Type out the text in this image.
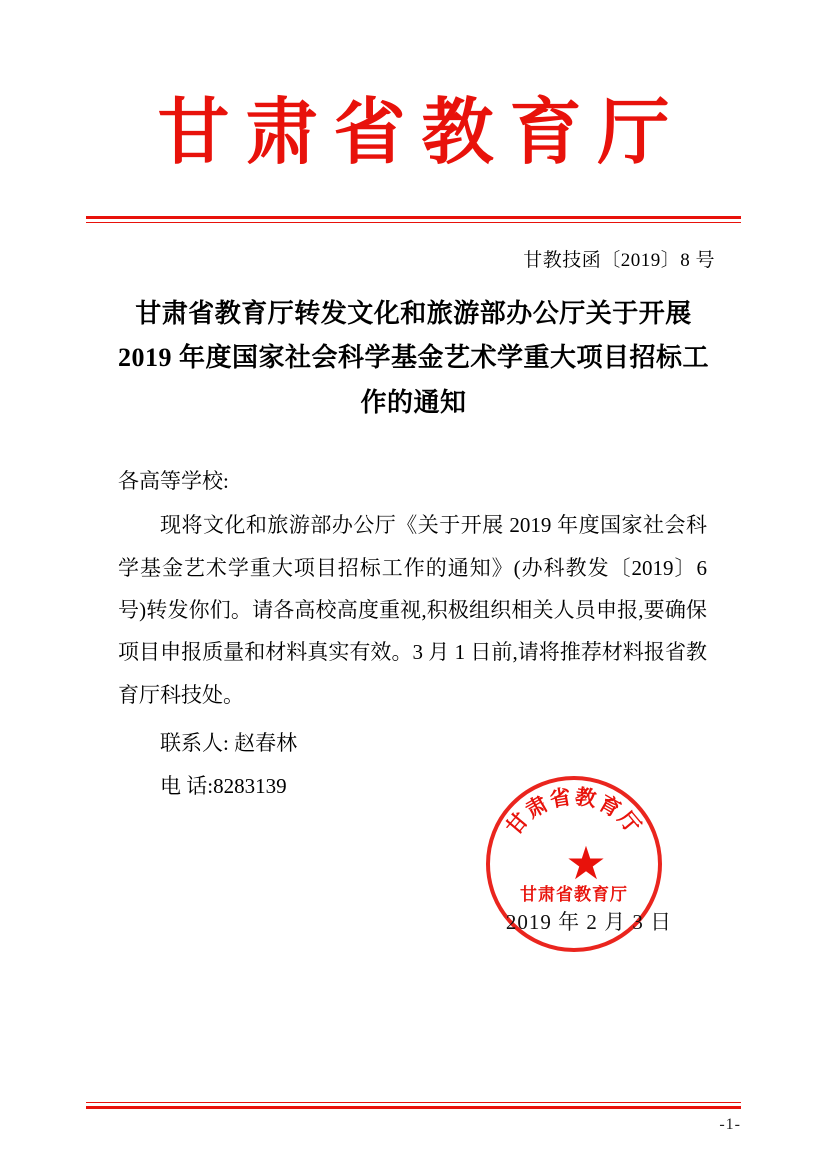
甘肃省教育厅
甘教技函〔2019〕8 号
甘肃省教育厅转发文化和旅游部办公厅关于开展 2019 年度国家社会科学基金艺术学重大项目招标工作的通知

各高等学校:

现将文化和旅游部办公厅《关于开展 2019 年度国家社会科学基金艺术学重大项目招标工作的通知》(办科教发〔2019〕6 号)转发你们。请各高校高度重视,积极组织相关人员申报,要确保项目申报质量和材料真实有效。3 月 1 日前,请将推荐材料报省教育厅科技处。

联系人: 赵春林

电 话:8283139

甘肃省教育厅
★
甘肃省教育厅
2019 年 2 月 3 日
-1-
